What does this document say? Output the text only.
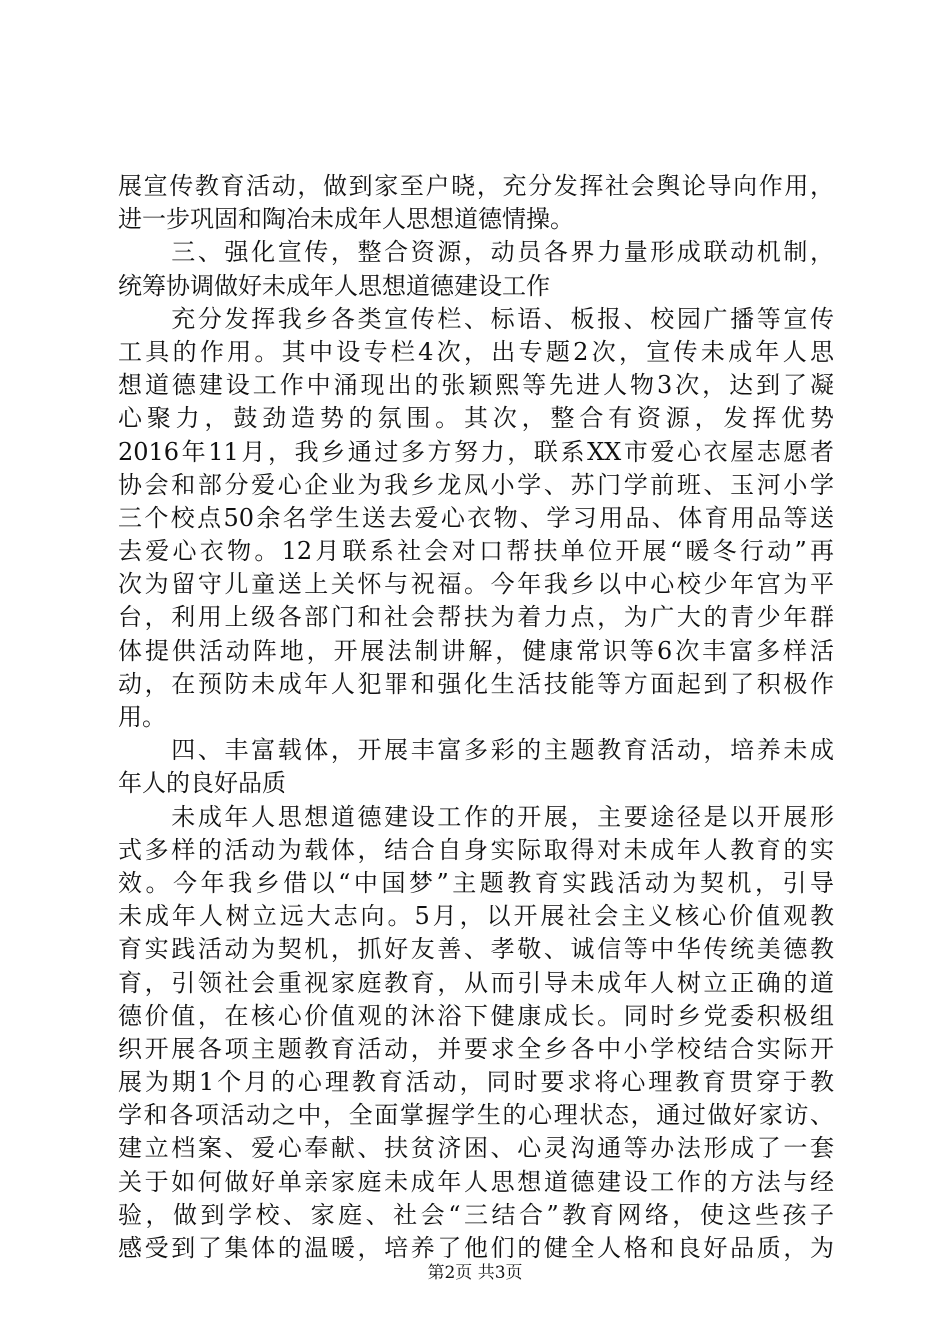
展宣传教育活动，做到家至户晓，充分发挥社会舆论导向作用，
进一步巩固和陶冶未成年人思想道德情操。
　　三、强化宣传，整合资源，动员各界力量形成联动机制，
统筹协调做好未成年人思想道德建设工作
　　充分发挥我乡各类宣传栏、标语、板报、校园广播等宣传
工具的作用。其中设专栏4次，出专题2次，宣传未成年人思
想道德建设工作中涌现出的张颖熙等先进人物3次，达到了凝
心聚力，鼓劲造势的氛围。其次，整合有资源，发挥优势
2016年11月，我乡通过多方努力，联系XX市爱心衣屋志愿者
协会和部分爱心企业为我乡龙凤小学、苏门学前班、玉河小学
三个校点50余名学生送去爱心衣物、学习用品、体育用品等送
去爱心衣物。12月联系社会对口帮扶单位开展“暖冬行动”再
次为留守儿童送上关怀与祝福。今年我乡以中心校少年宫为平
台，利用上级各部门和社会帮扶为着力点，为广大的青少年群
体提供活动阵地，开展法制讲解，健康常识等6次丰富多样活
动，在预防未成年人犯罪和强化生活技能等方面起到了积极作
用。
　　四、丰富载体，开展丰富多彩的主题教育活动，培养未成
年人的良好品质
　　未成年人思想道德建设工作的开展，主要途径是以开展形
式多样的活动为载体，结合自身实际取得对未成年人教育的实
效。今年我乡借以“中国梦”主题教育实践活动为契机，引导
未成年人树立远大志向。5月，以开展社会主义核心价值观教
育实践活动为契机，抓好友善、孝敬、诚信等中华传统美德教
育，引领社会重视家庭教育，从而引导未成年人树立正确的道
德价值，在核心价值观的沐浴下健康成长。同时乡党委积极组
织开展各项主题教育活动，并要求全乡各中小学校结合实际开
展为期1个月的心理教育活动，同时要求将心理教育贯穿于教
学和各项活动之中，全面掌握学生的心理状态，通过做好家访、
建立档案、爱心奉献、扶贫济困、心灵沟通等办法形成了一套
关于如何做好单亲家庭未成年人思想道德建设工作的方法与经
验，做到学校、家庭、社会“三结合”教育网络，使这些孩子
感受到了集体的温暖，培养了他们的健全人格和良好品质，为
第2页 共3页
